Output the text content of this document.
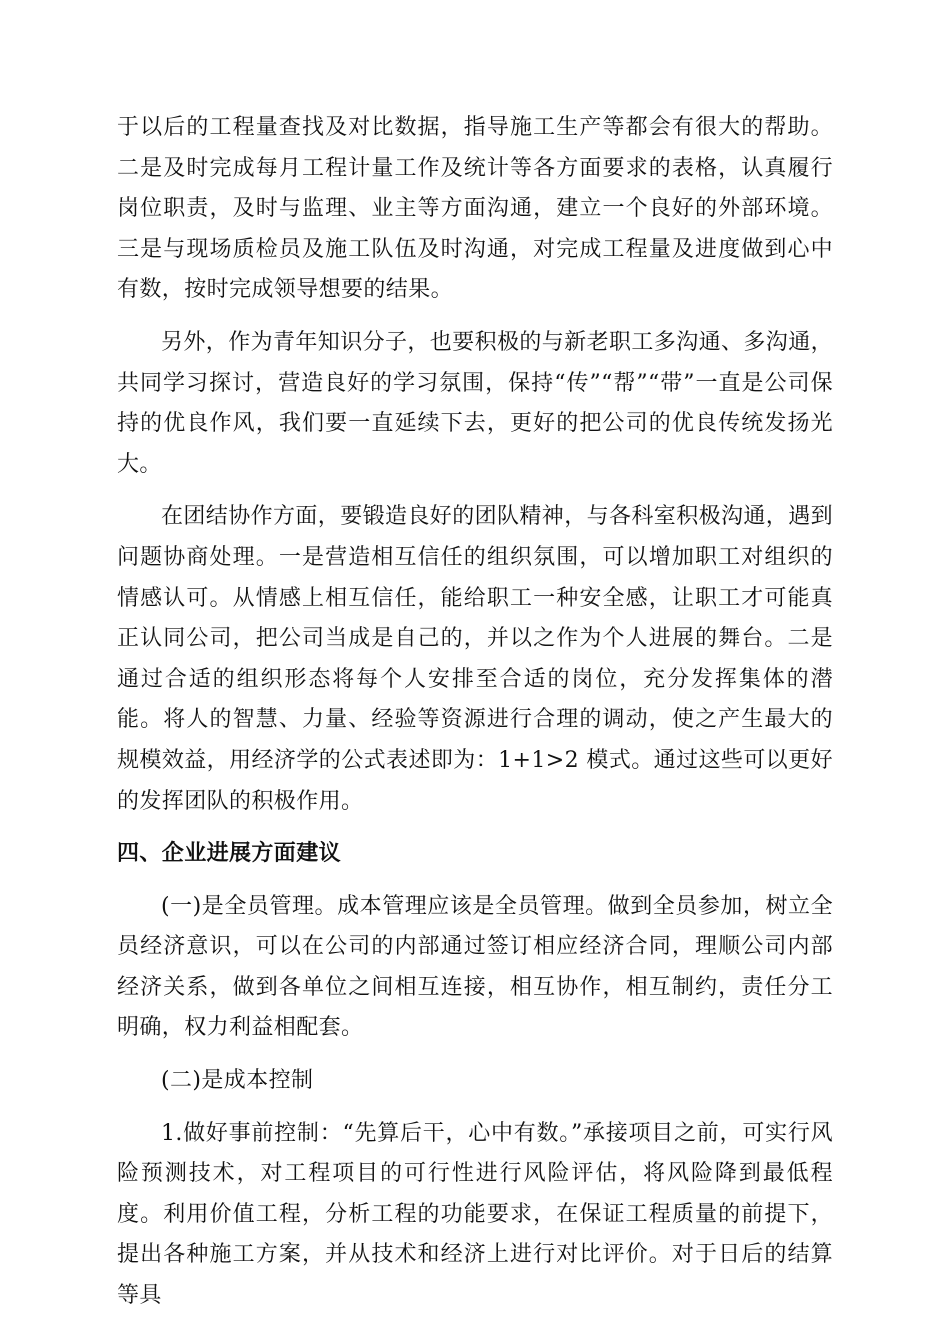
于以后的工程量查找及对比数据，指导施工生产等都会有很大的帮助。二是及时完成每月工程计量工作及统计等各方面要求的表格，认真履行岗位职责，及时与监理、业主等方面沟通，建立一个良好的外部环境。三是与现场质检员及施工队伍及时沟通，对完成工程量及进度做到心中有数，按时完成领导想要的结果。

另外，作为青年知识分子，也要积极的与新老职工多沟通、多沟通，共同学习探讨，营造良好的学习氛围，保持“传”“帮”“带”一直是公司保持的优良作风，我们要一直延续下去，更好的把公司的优良传统发扬光大。

在团结协作方面，要锻造良好的团队精神，与各科室积极沟通，遇到问题协商处理。一是营造相互信任的组织氛围，可以增加职工对组织的情感认可。从情感上相互信任，能给职工一种安全感，让职工才可能真正认同公司，把公司当成是自己的，并以之作为个人进展的舞台。二是通过合适的组织形态将每个人安排至合适的岗位，充分发挥集体的潜能。将人的智慧、力量、经验等资源进行合理的调动，使之产生最大的规模效益，用经济学的公式表述即为：1+1>2 模式。通过这些可以更好的发挥团队的积极作用。

四、企业进展方面建议

(一)是全员管理。成本管理应该是全员管理。做到全员参加，树立全员经济意识，可以在公司的内部通过签订相应经济合同，理顺公司内部经济关系，做到各单位之间相互连接，相互协作，相互制约，责任分工明确，权力利益相配套。

(二)是成本控制

1.做好事前控制：“先算后干，心中有数。”承接项目之前，可实行风险预测技术，对工程项目的可行性进行风险评估，将风险降到最低程度。利用价值工程，分析工程的功能要求，在保证工程质量的前提下，提出各种施工方案，并从技术和经济上进行对比评价。对于日后的结算等具
